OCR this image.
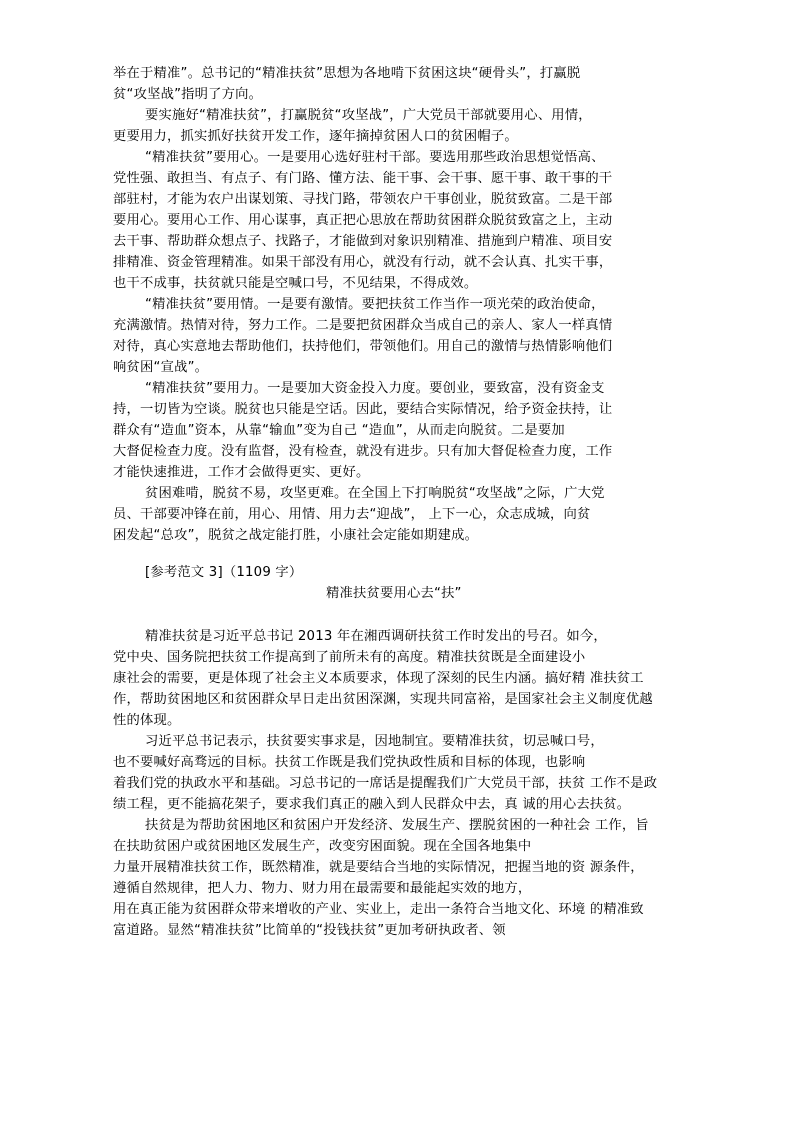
举在于精准”。总书记的“精准扶贫”思想为各地啃下贫困这块“硬骨头”，打赢脱
贫“攻坚战”指明了方向。
要实施好“精准扶贫”，打赢脱贫“攻坚战”，广大党员干部就要用心、用情，
更要用力，抓实抓好扶贫开发工作，逐年摘掉贫困人口的贫困帽子。
“精准扶贫”要用心。一是要用心选好驻村干部。要选用那些政治思想觉悟高、
党性强、敢担当、有点子、有门路、懂方法、能干事、会干事、愿干事、敢干事的干
部驻村，才能为农户出谋划策、寻找门路，带领农户干事创业，脱贫致富。二是干部
要用心。要用心工作、用心谋事，真正把心思放在帮助贫困群众脱贫致富之上，主动
去干事、帮助群众想点子、找路子，才能做到对象识别精准、措施到户精准、项目安
排精准、资金管理精准。如果干部没有用心，就没有行动，就不会认真、扎实干事，
也干不成事，扶贫就只能是空喊口号，不见结果，不得成效。
“精准扶贫”要用情。一是要有激情。要把扶贫工作当作一项光荣的政治使命，
充满激情。热情对待，努力工作。二是要把贫困群众当成自己的亲人、家人一样真情
对待，真心实意地去帮助他们，扶持他们，带领他们。用自己的激情与热情影响他们
响贫困“宣战”。
“精准扶贫”要用力。一是要加大资金投入力度。要创业，要致富，没有资金支
持，一切皆为空谈。脱贫也只能是空话。因此，要结合实际情况，给予资金扶持，让
群众有“造血”资本，从靠“输血”变为自己 “造血”，从而走向脱贫。二是要加
大督促检查力度。没有监督，没有检查，就没有进步。只有加大督促检查力度，工作
才能快速推进，工作才会做得更实、更好。
贫困难啃，脱贫不易，攻坚更难。在全国上下打响脱贫“攻坚战”之际，广大党
员、干部要冲锋在前，用心、用情、用力去“迎战”， 上下一心，众志成城，向贫
困发起“总攻”，脱贫之战定能打胜，小康社会定能如期建成。
[参考范文 3]（1109 字）
精准扶贫要用心去“扶”
精准扶贫是习近平总书记 2013 年在湘西调研扶贫工作时发出的号召。如今，
党中央、国务院把扶贫工作提高到了前所未有的高度。精准扶贫既是全面建设小
康社会的需要，更是体现了社会主义本质要求，体现了深刻的民生内涵。搞好精 准扶贫工
作，帮助贫困地区和贫困群众早日走出贫困深渊，实现共同富裕，是国家社会主义制度优越
性的体现。
习近平总书记表示，扶贫要实事求是，因地制宜。要精准扶贫，切忌喊口号，
也不要喊好高骛远的目标。扶贫工作既是我们党执政性质和目标的体现，也影响
着我们党的执政水平和基础。习总书记的一席话是提醒我们广大党员干部，扶贫 工作不是政
绩工程，更不能搞花架子，要求我们真正的融入到人民群众中去，真 诚的用心去扶贫。
扶贫是为帮助贫困地区和贫困户开发经济、发展生产、摆脱贫困的一种社会 工作，旨
在扶助贫困户或贫困地区发展生产，改变穷困面貌。现在全国各地集中
力量开展精准扶贫工作，既然精准，就是要结合当地的实际情况，把握当地的资 源条件，
遵循自然规律，把人力、物力、财力用在最需要和最能起实效的地方，
用在真正能为贫困群众带来增收的产业、实业上，走出一条符合当地文化、环境 的精准致
富道路。显然“精准扶贫”比简单的“投钱扶贫”更加考研执政者、领
